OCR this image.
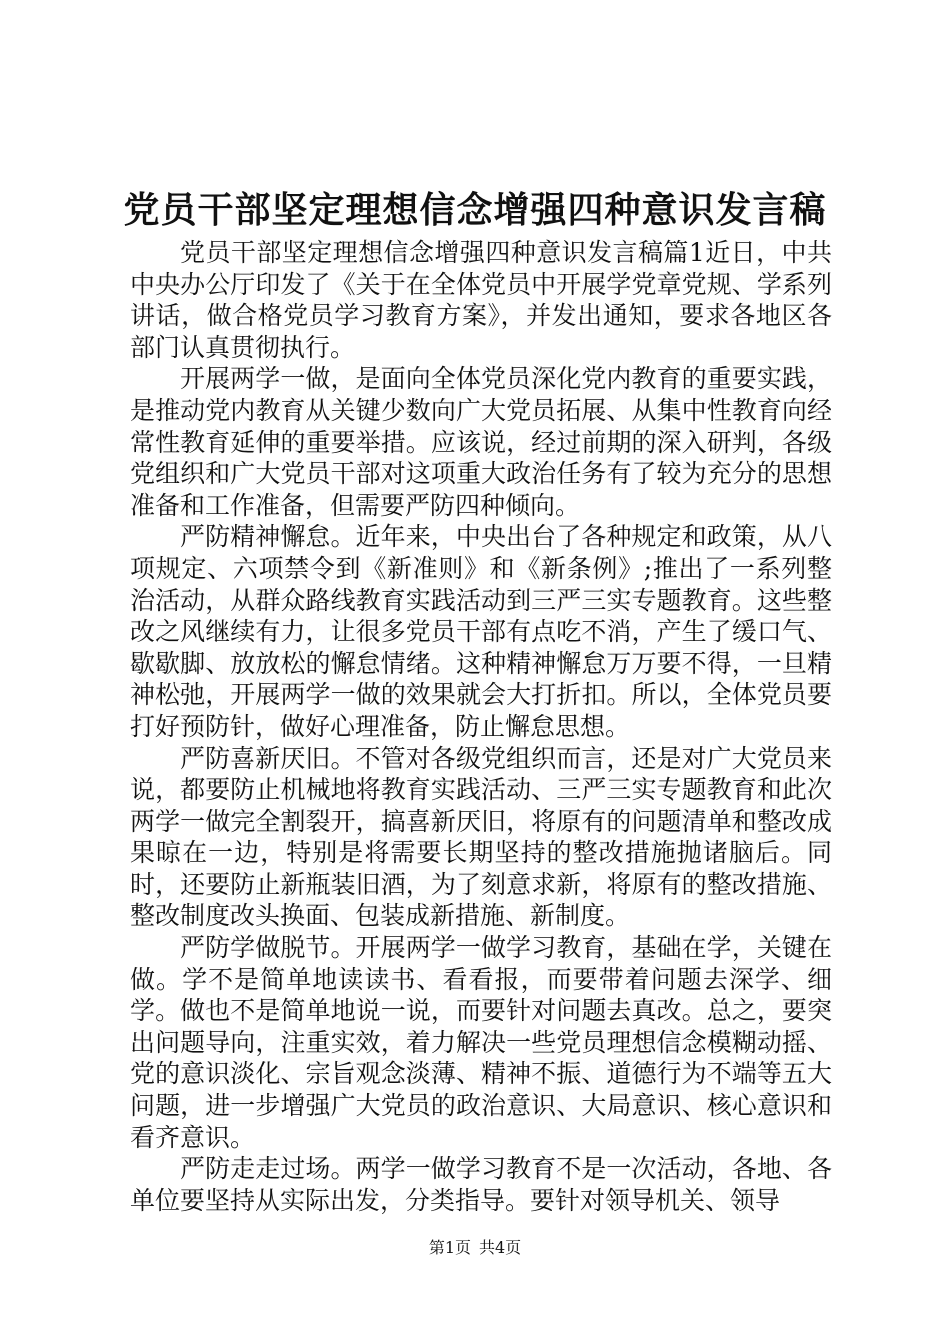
党员干部坚定理想信念增强四种意识发言稿

党员干部坚定理想信念增强四种意识发言稿篇1近日，中共中央办公厅印发了《关于在全体党员中开展学党章党规、学系列讲话，做合格党员学习教育方案》，并发出通知，要求各地区各部门认真贯彻执行。

开展两学一做，是面向全体党员深化党内教育的重要实践，是推动党内教育从关键少数向广大党员拓展、从集中性教育向经常性教育延伸的重要举措。应该说，经过前期的深入研判，各级党组织和广大党员干部对这项重大政治任务有了较为充分的思想准备和工作准备，但需要严防四种倾向。

严防精神懈怠。近年来，中央出台了各种规定和政策，从八项规定、六项禁令到《新准则》和《新条例》;推出了一系列整治活动，从群众路线教育实践活动到三严三实专题教育。这些整改之风继续有力，让很多党员干部有点吃不消，产生了缓口气、歇歇脚、放放松的懈怠情绪。这种精神懈怠万万要不得，一旦精神松弛，开展两学一做的效果就会大打折扣。所以，全体党员要打好预防针，做好心理准备，防止懈怠思想。

严防喜新厌旧。不管对各级党组织而言，还是对广大党员来说，都要防止机械地将教育实践活动、三严三实专题教育和此次两学一做完全割裂开，搞喜新厌旧，将原有的问题清单和整改成果晾在一边，特别是将需要长期坚持的整改措施抛诸脑后。同时，还要防止新瓶装旧酒，为了刻意求新，将原有的整改措施、整改制度改头换面、包装成新措施、新制度。

严防学做脱节。开展两学一做学习教育，基础在学，关键在做。学不是简单地读读书、看看报，而要带着问题去深学、细学。做也不是简单地说一说，而要针对问题去真改。总之，要突出问题导向，注重实效，着力解决一些党员理想信念模糊动摇、党的意识淡化、宗旨观念淡薄、精神不振、道德行为不端等五大问题，进一步增强广大党员的政治意识、大局意识、核心意识和看齐意识。

严防走走过场。两学一做学习教育不是一次活动，各地、各单位要坚持从实际出发，分类指导。要针对领导机关、领导

第1页 共4页
